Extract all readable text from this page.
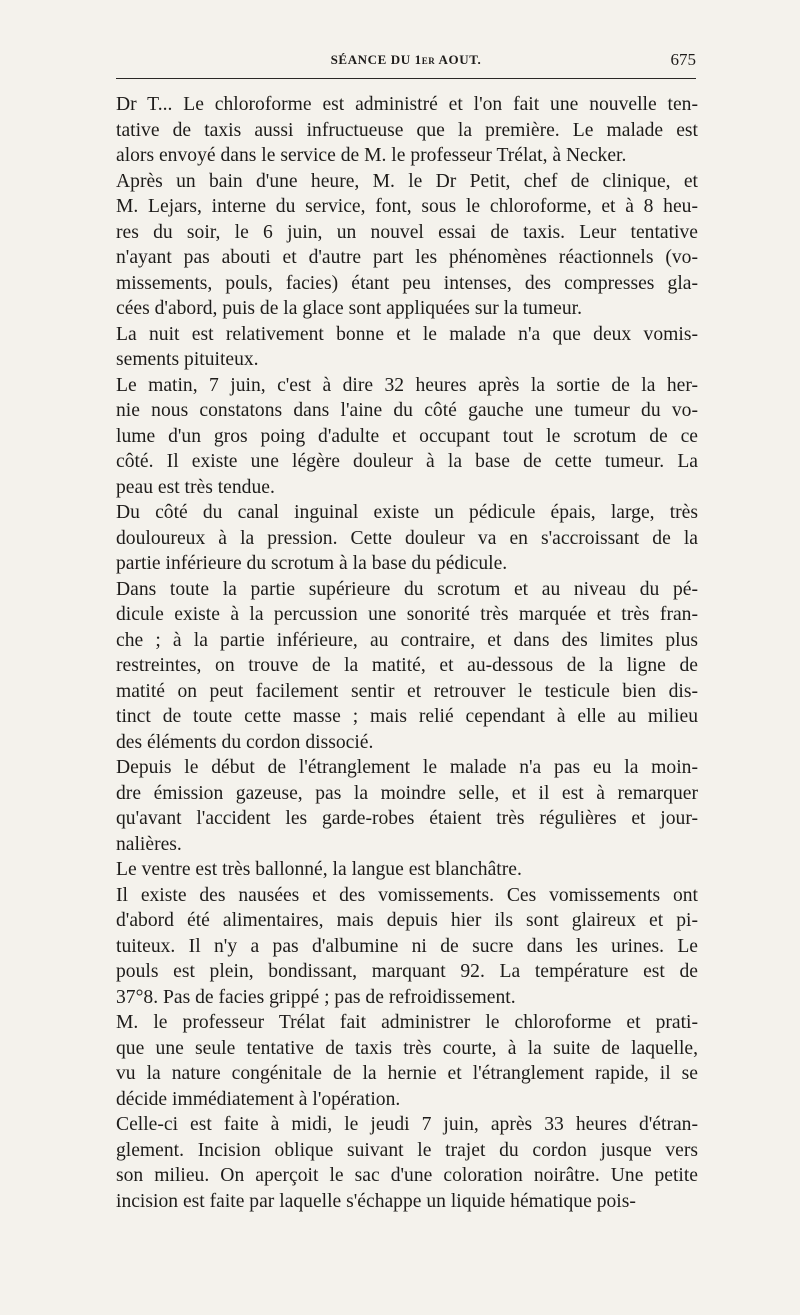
SÉANCE DU 1er AOUT.	675

Dr T... Le chloroforme est administré et l'on fait une nouvelle ten-
tative de taxis aussi infructueuse que la première. Le malade est
alors envoyé dans le service de M. le professeur Trélat, à Necker.

Après un bain d'une heure, M. le Dr Petit, chef de clinique, et
M. Lejars, interne du service, font, sous le chloroforme, et à 8 heu-
res du soir, le 6 juin, un nouvel essai de taxis. Leur tentative
n'ayant pas abouti et d'autre part les phénomènes réactionnels (vo-
missements, pouls, facies) étant peu intenses, des compresses gla-
cées d'abord, puis de la glace sont appliquées sur la tumeur.

La nuit est relativement bonne et le malade n'a que deux vomis-
sements pituiteux.

Le matin, 7 juin, c'est à dire 32 heures après la sortie de la her-
nie nous constatons dans l'aine du côté gauche une tumeur du vo-
lume d'un gros poing d'adulte et occupant tout le scrotum de ce
côté. Il existe une légère douleur à la base de cette tumeur. La
peau est très tendue.

Du côté du canal inguinal existe un pédicule épais, large, très
douloureux à la pression. Cette douleur va en s'accroissant de la
partie inférieure du scrotum à la base du pédicule.

Dans toute la partie supérieure du scrotum et au niveau du pé-
dicule existe à la percussion une sonorité très marquée et très fran-
che ; à la partie inférieure, au contraire, et dans des limites plus
restreintes, on trouve de la matité, et au-dessous de la ligne de
matité on peut facilement sentir et retrouver le testicule bien dis-
tinct de toute cette masse ; mais relié cependant à elle au milieu
des éléments du cordon dissocié.

Depuis le début de l'étranglement le malade n'a pas eu la moin-
dre émission gazeuse, pas la moindre selle, et il est à remarquer
qu'avant l'accident les garde-robes étaient très régulières et jour-
nalières.

Le ventre est très ballonné, la langue est blanchâtre.

Il existe des nausées et des vomissements. Ces vomissements ont
d'abord été alimentaires, mais depuis hier ils sont glaireux et pi-
tuiteux. Il n'y a pas d'albumine ni de sucre dans les urines. Le
pouls est plein, bondissant, marquant 92. La température est de
37°8. Pas de facies grippé ; pas de refroidissement.

M. le professeur Trélat fait administrer le chloroforme et prati-
que une seule tentative de taxis très courte, à la suite de laquelle,
vu la nature congénitale de la hernie et l'étranglement rapide, il se
décide immédiatement à l'opération.

Celle-ci est faite à midi, le jeudi 7 juin, après 33 heures d'étran-
glement. Incision oblique suivant le trajet du cordon jusque vers
son milieu. On aperçoit le sac d'une coloration noirâtre. Une petite
incision est faite par laquelle s'échappe un liquide hématique pois-
